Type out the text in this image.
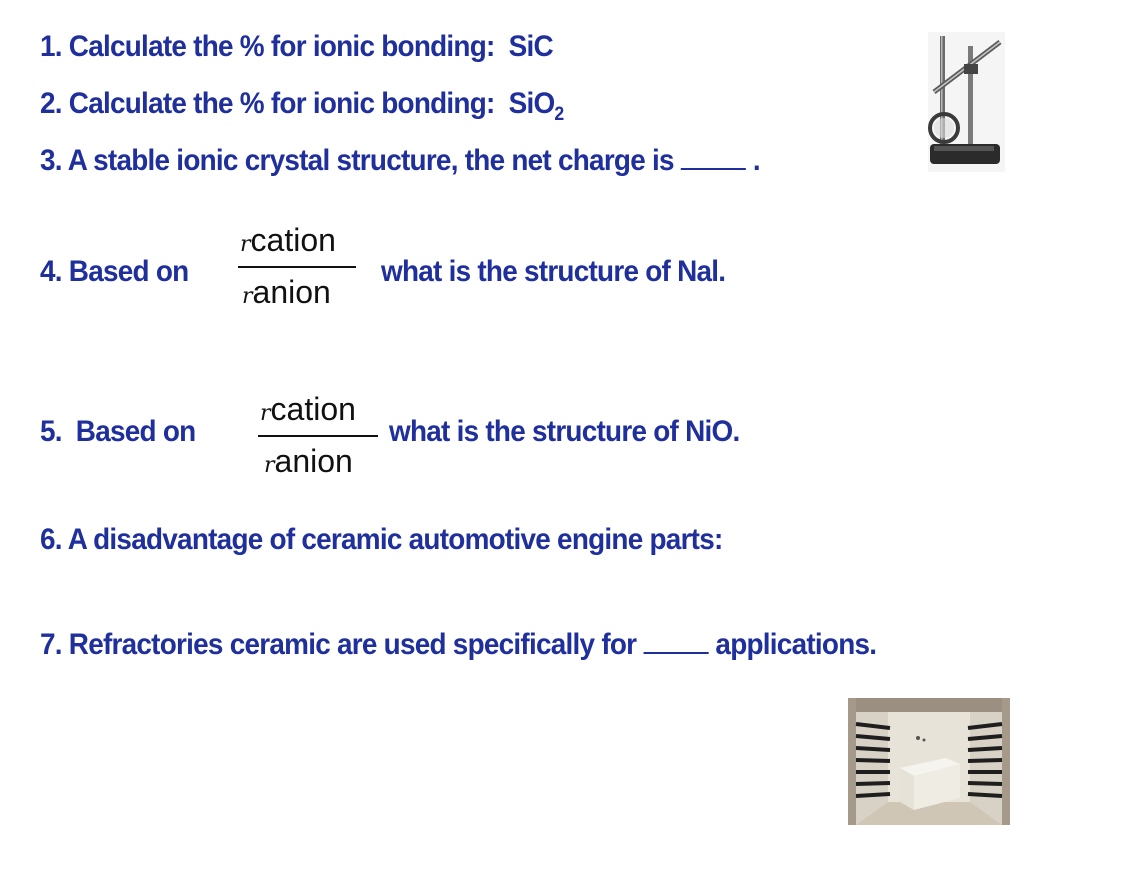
1. Calculate the % for ionic bonding: SiC
2. Calculate the % for ionic bonding: SiO$_2$
3. A stable ionic crystal structure, the net charge is	.
4. Based on
rcation
ranion
what is the structure of Nal.
5. Based on
rcation
ranion
what is the structure of NiO.
6. A disadvantage of ceramic automotive engine parts:
7. Refractories ceramic are used specifically for	applications.
